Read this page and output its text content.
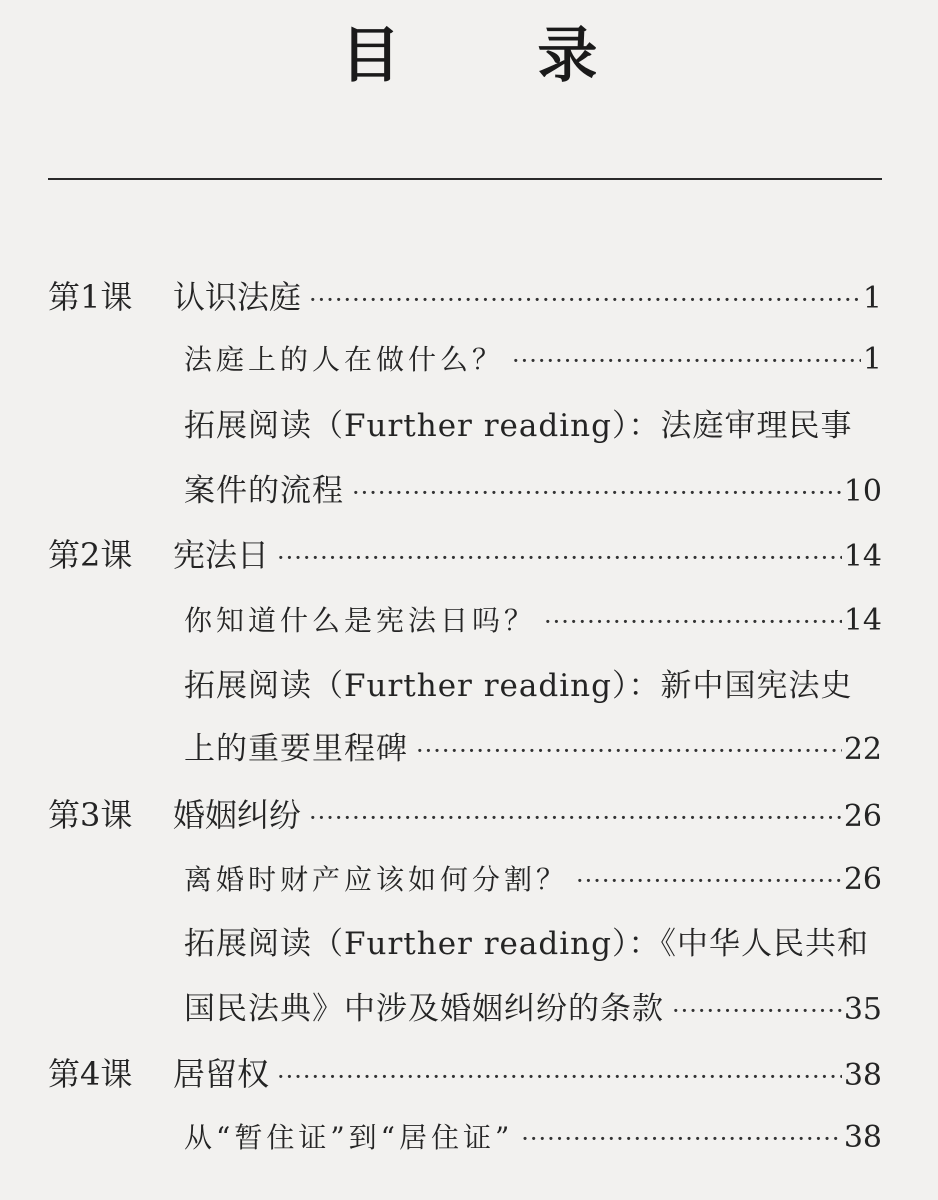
目 录
第1课	认识法庭 ·····	1
法庭上的人在做什么？ ·····	1
拓展阅读（Further reading）：法庭审理民事
案件的流程 ·····	10
第2课	宪法日 ·····	14
你知道什么是宪法日吗？ ·····	14
拓展阅读（Further reading）：新中国宪法史
上的重要里程碑 ·····	22
第3课	婚姻纠纷 ·····	26
离婚时财产应该如何分割？ ·····	26
拓展阅读（Further reading）：《中华人民共和
国民法典》中涉及婚姻纠纷的条款 ·····	35
第4课	居留权 ·····	38
从“暂住证”到“居住证” ·····	38
